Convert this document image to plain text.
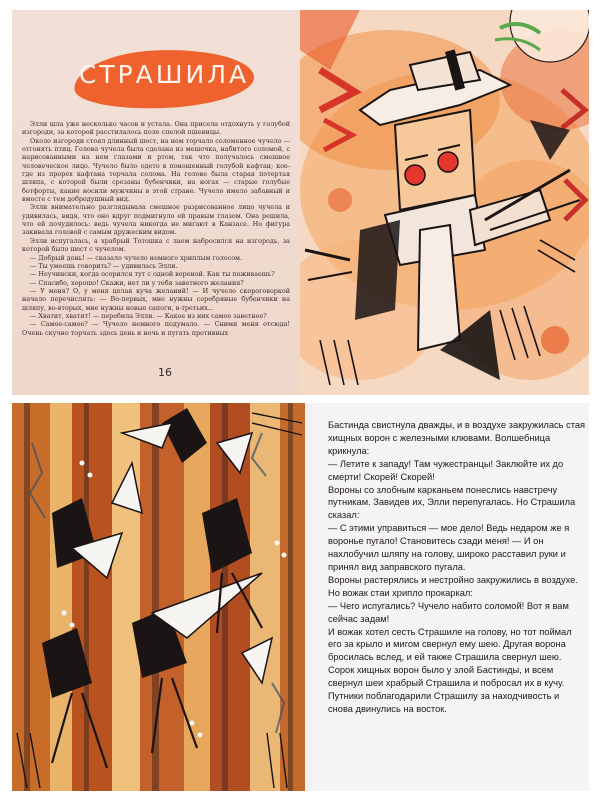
СТРАШИЛА

Элли шла уже несколько часов и устала. Она присела отдохнуть у голубой изгороди, за которой расстилалось поле спелой пшеницы.

Около изгороди стоял длинный шест, на нем торчало соломенное чучело — отгонять птиц. Голова чучела была сделана из мешочка, набитого соломой, с нарисованными на нем глазами и ртом, так что получалось смешное человеческое лицо. Чучело было одето в поношенный голубой кафтан; кое-где из прорех кафтана торчала солома. На голове была старая потертая шляпа, с которой были срезаны бубенчики, на ногах — старые голубые ботфорты, какие носили мужчины в этой стране. Чучело имело забавный и вместе с тем добродушный вид.

Элли внимательно разглядывала смешное разрисованное лицо чучела и удивилась, видя, что оно вдруг подмигнуло ей правым глазом. Она решила, что ей почудилось: ведь чучела никогда не мигают в Канзасе. Но фигура закивала головой с самым дружеским видом.

Элли испугалась, а храбрый Тотошка с лаем набросился на изгородь, за которой было шест с чучелом.

— Добрый день! — сказало чучело немного хриплым голосом.

— Ты умеешь говорить? — удивилась Элли.

— Неучински, когда осорился тут с одной вороной. Как ты поживаешь?

— Спасибо, хорошо! Скажи, нет ли у тебя заветного желания?

— У меня? О, у меня целая куча желаний! — И чучело скороговоркой начало перечислять: — Во-первых, мне нужны серебряные бубенчики на шляпу, во-вторых, мне нужны новые сапоги, в-третьих...

— Хватит, хватит! — перебила Элли. — Какое из них самое заветное?

— Самое-самое? — Чучело немного подумало. — Сними меня отсюда! Очень скучно торчать здесь день и ночь и пугать противных

16

Бастинда свистнула дважды, и в воздухе закружилась стая хищных ворон с железными клювами. Волшебница крикнула:

— Летите к западу! Там чужестранцы! Заклюйте их до смерти! Скорей! Скорей!

Вороны со злобным карканьем понеслись навстречу путникам. Завидев их, Элли перепугалась. Но Страшила сказал:

— С этими управиться — мое дело! Ведь недаром же я вороньe пугало! Становитесь сзади меня! — И он нахлобучил шляпу на голову, широко расставил руки и принял вид заправского пугала.

Вороны растерялись и нестройно закружились в воздухе. Но вожак стаи хрипло прокаркал:

— Чего испугались? Чучело набито соломой! Вот я вам сейчас задам!

И вожак хотел сесть Страшиле на голову, но тот поймал его за крыло и мигом свернул ему шею. Другая ворона бросилась вслед, и ей также Страшила свернул шею. Сорок хищных ворон было у злой Бастинды, и всем свернул шеи храбрый Страшила и побросал их в кучу.

Путники поблагодарили Страшилу за находчивость и снова двинулись на восток.
